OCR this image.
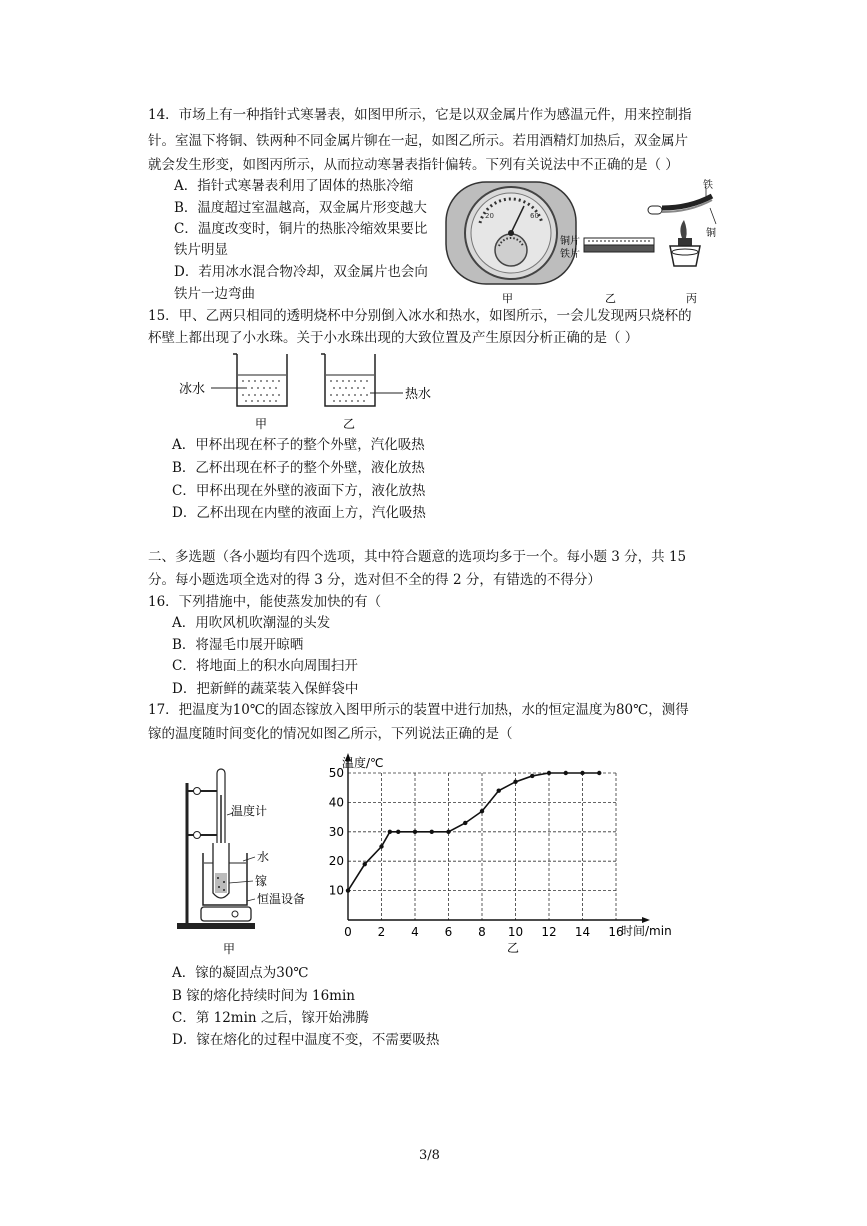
14．市场上有一种指针式寒暑表，如图甲所示，它是以双金属片作为感温元件，用来控制指
针。室温下将铜、铁两种不同金属片铆在一起，如图乙所示。若用酒精灯加热后，双金属片
就会发生形变，如图丙所示，从而拉动寒暑表指针偏转。下列有关说法中不正确的是（ ）
A．指针式寒暑表利用了固体的热胀冷缩
B．温度超过室温越高，双金属片形变越大
C．温度改变时，铜片的热胀冷缩效果要比
铁片明显
D．若用冰水混合物冷却，双金属片也会向
铁片一边弯曲
20	60
甲
铜片
铁片
乙
铁
铜
丙
15．甲、乙两只相同的透明烧杯中分别倒入冰水和热水，如图所示，一会儿发现两只烧杯的
杯壁上都出现了小水珠。关于小水珠出现的大致位置及产生原因分析正确的是（ ）
冰水
甲
热水
乙
A．甲杯出现在杯子的整个外壁，汽化吸热
B．乙杯出现在杯子的整个外壁，液化放热
C．甲杯出现在外壁的液面下方，液化放热
D．乙杯出现在内壁的液面上方，汽化吸热
二、多选题（各小题均有四个选项，其中符合题意的选项均多于一个。每小题 3 分，共 15
分。每小题选项全选对的得 3 分，选对但不全的得 2 分，有错选的不得分）
16．下列措施中，能使蒸发加快的有（
A．用吹风机吹潮湿的头发
B．将湿毛巾展开晾晒
C．将地面上的积水向周围扫开
D．把新鲜的蔬菜装入保鲜袋中
17．把温度为10℃的固态镓放入图甲所示的装置中进行加热，水的恒定温度为80℃，测得
镓的温度随时间变化的情况如图乙所示，下列说法正确的是（
温度计
水
镓
恒温设备
甲
0 2 4 6 8 10 12 14 16
10
20
30
40
50
温度/℃
时间/min
乙
A．镓的凝固点为30℃
B 镓的熔化持续时间为 16min
C．第 12min 之后，镓开始沸腾
D．镓在熔化的过程中温度不变，不需要吸热
3/8
